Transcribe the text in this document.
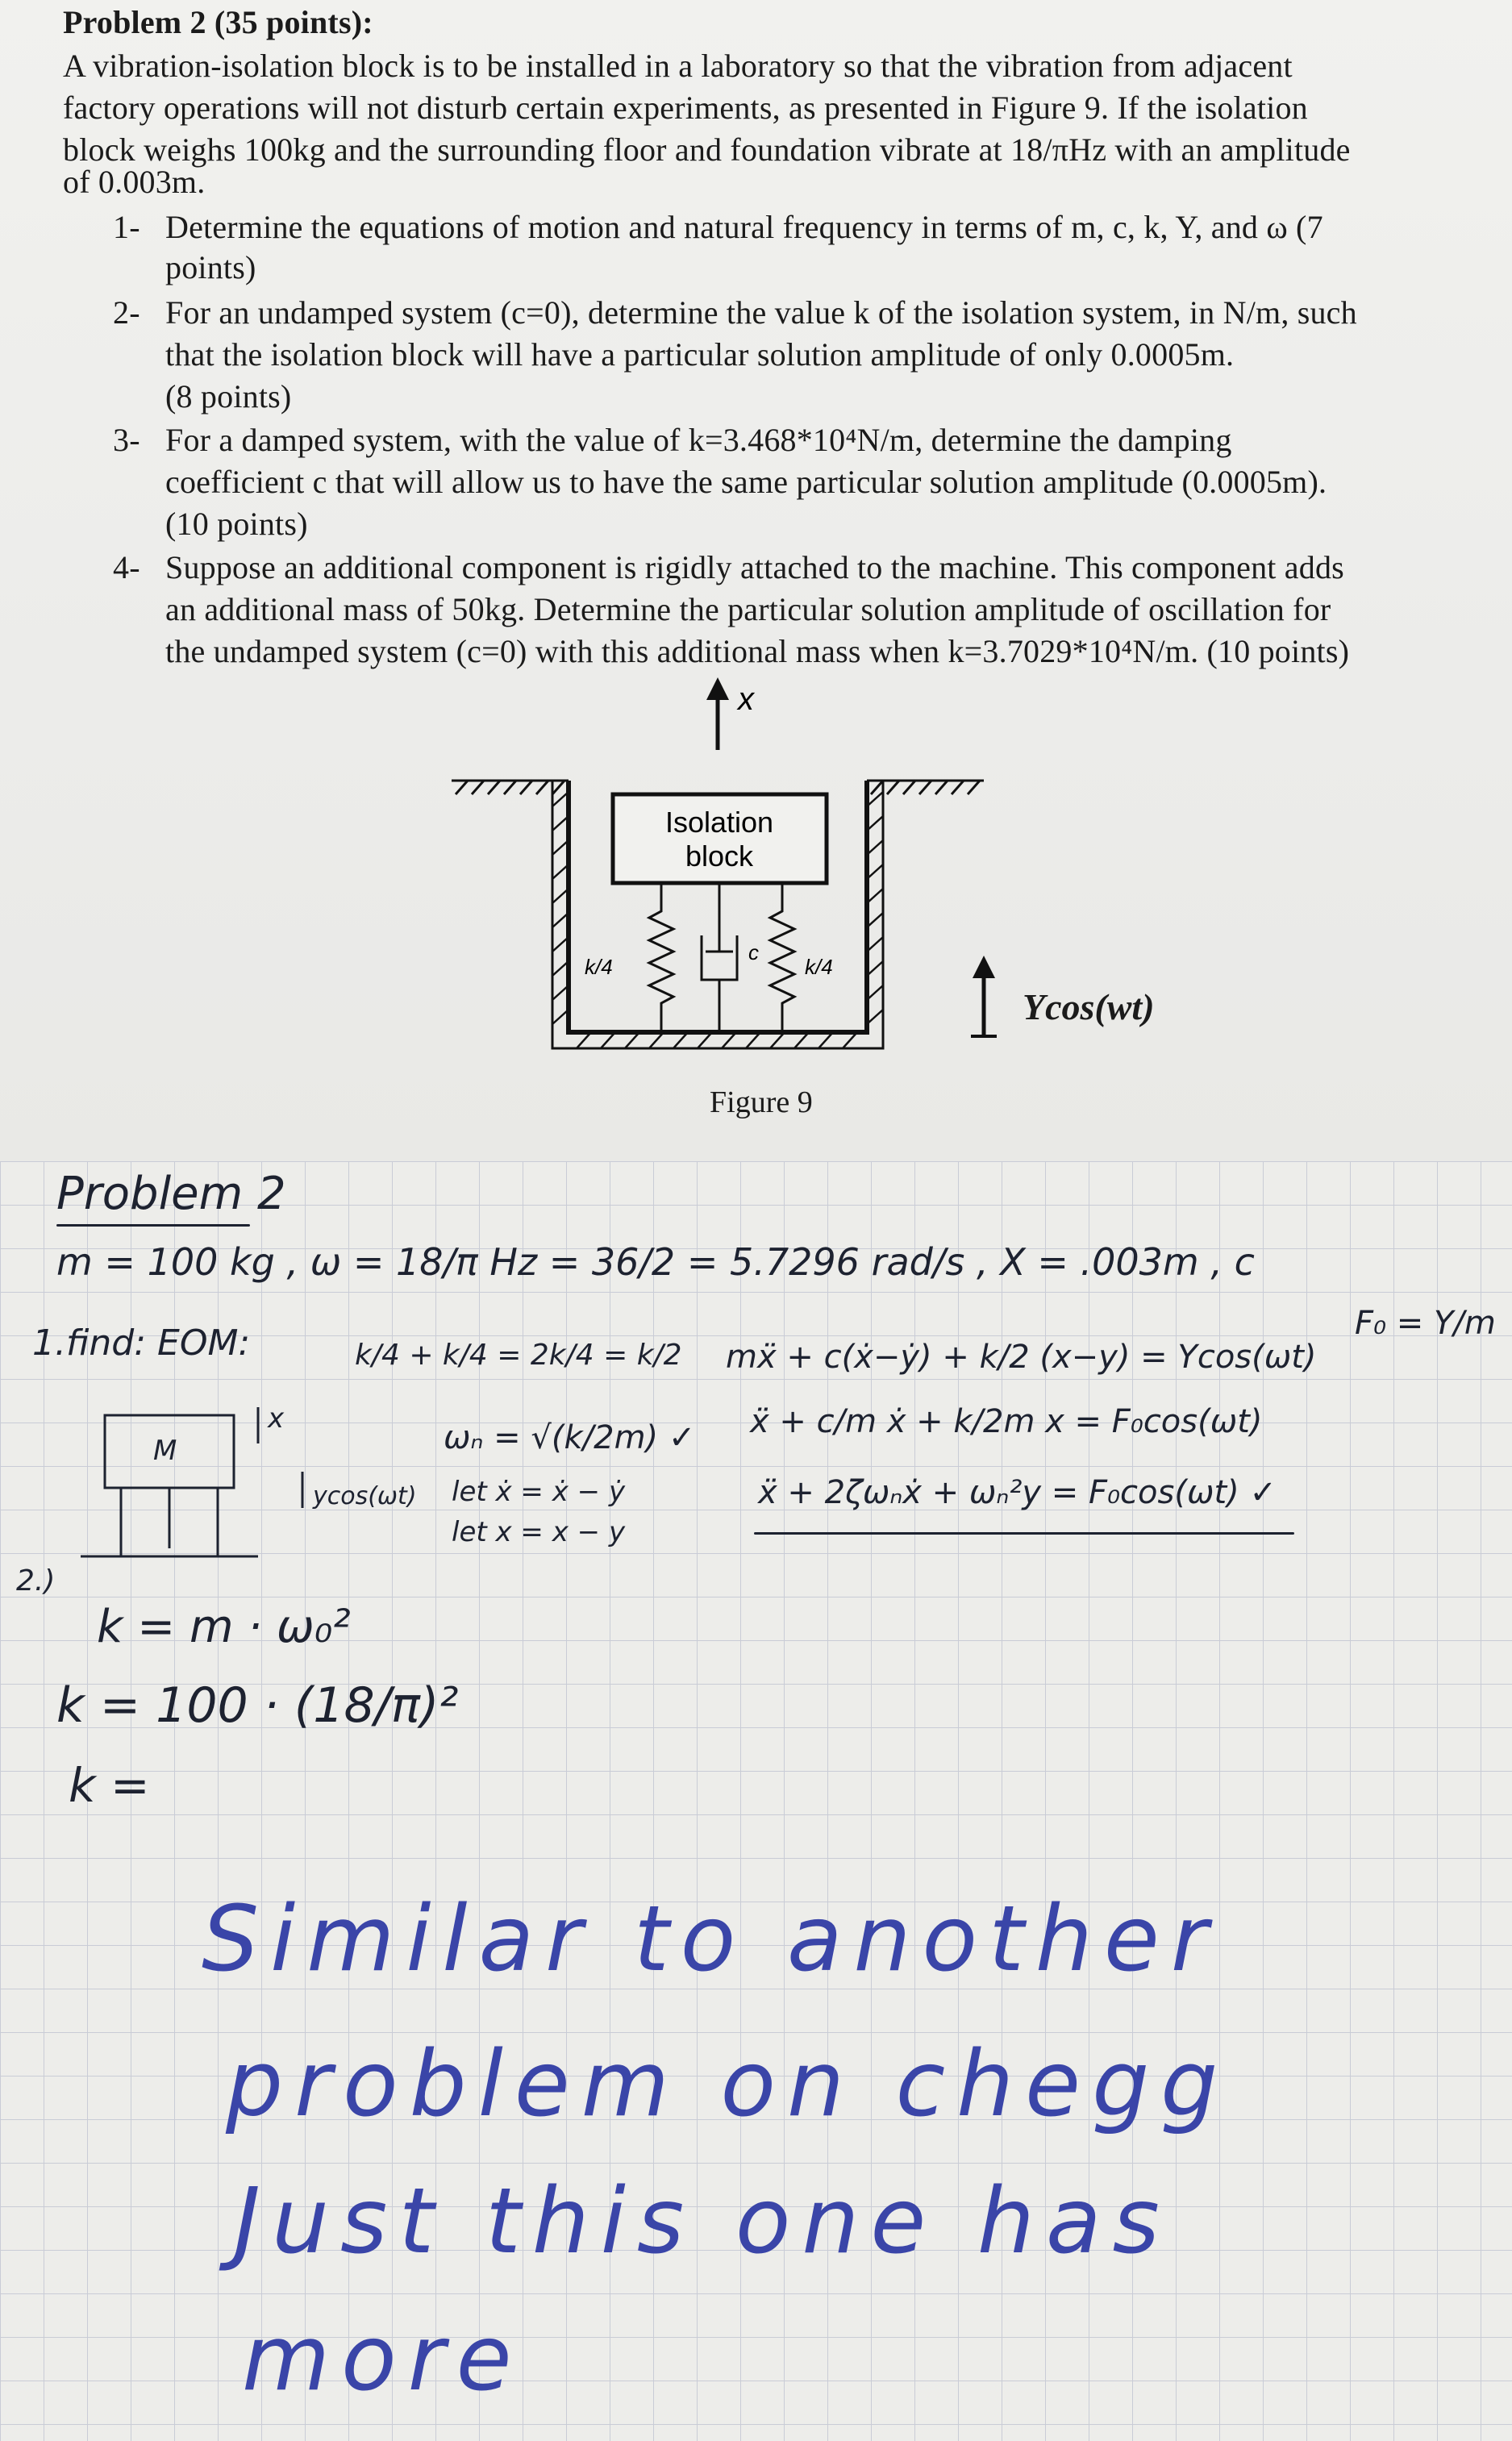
Problem 2 (35 points):
A vibration-isolation block is to be installed in a laboratory so that the vibration from adjacent
factory operations will not disturb certain experiments, as presented in Figure 9. If the isolation
block weighs 100kg and the surrounding floor and foundation vibrate at 18/πHz with an amplitude
of 0.003m.
1- Determine the equations of motion and natural frequency in terms of m, c, k, Y, and ω (7
points)
2- For an undamped system (c=0), determine the value k of the isolation system, in N/m, such
that the isolation block will have a particular solution amplitude of only 0.0005m.
(8 points)
3- For a damped system, with the value of k=3.468*10⁴N/m, determine the damping
coefficient c that will allow us to have the same particular solution amplitude (0.0005m).
(10 points)
4- Suppose an additional component is rigidly attached to the machine. This component adds
an additional mass of 50kg. Determine the particular solution amplitude of oscillation for
the undamped system (c=0) with this additional mass when k=3.7029*10⁴N/m. (10 points)
x
Isolation
block
k/4
c
k/4
Ycos(wt)
Figure 9
Problem 2
m = 100 kg , ω = 18/π Hz = 36/2 = 5.7296 rad/s , X = .003m , c
F₀ = Y/m
1.find: EOM:	k/4 + k/4 = 2k/4 = k/2 mẍ + c(ẋ−ẏ) + k/2 (x−y) = Ycos(ωt)
ẍ + c/m ẋ + k/2m x = F₀cos(ωt)
ẍ + 2ζωₙẋ + ωₙ²y = F₀cos(ωt) ✓
M
x
ycos(ωt)
ωₙ = √(k/2m) ✓
let ẋ = ẋ − ẏ
let x = x − y
2.)
k = m · ω₀²
k = 100 · (18/π)²
k =
Similar to another
problem on chegg
Just this one has
more
